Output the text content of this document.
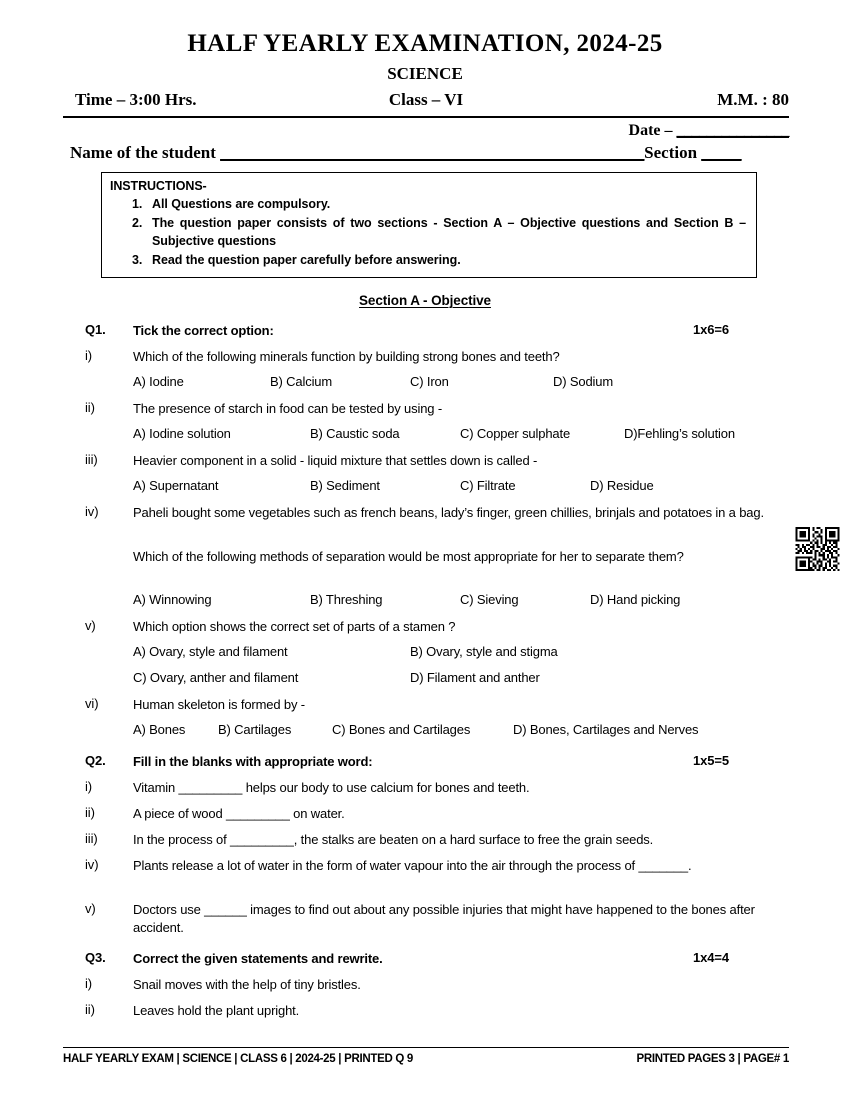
HALF YEARLY EXAMINATION, 2024-25
SCIENCE
Class – VI
Time – 3:00 Hrs.	M.M. : 80
Date – _______________
Name of the student _____________________________________________________Section _____
INSTRUCTIONS-
1. All Questions are compulsory.
2. The question paper consists of two sections - Section A – Objective questions and Section B – Subjective questions
3. Read the question paper carefully before answering.
Section A - Objective
Q1.	Tick the correct option:	1x6=6
i)	Which of the following minerals function by building strong bones and teeth?
A) Iodine	B) Calcium	C) Iron	D) Sodium
ii)	The presence of starch in food can be tested by using -
A) Iodine solution	B) Caustic soda	C) Copper sulphate	D)Fehling’s solution
iii)	Heavier component in a solid - liquid mixture that settles down is called -
A) Supernatant	B) Sediment	C) Filtrate	D) Residue
iv)	Paheli bought some vegetables such as french beans, lady’s finger, green chillies, brinjals and potatoes in a bag.
Which of the following methods of separation would be most appropriate for her to separate them?
A) Winnowing	B) Threshing	C) Sieving	D) Hand picking
v)	Which option shows the correct set of parts of a stamen ?
A) Ovary, style and filament	B) Ovary, style and stigma
C) Ovary, anther and filament	D) Filament and anther
vi)	Human skeleton is formed by -
A) Bones	B) Cartilages	C) Bones and Cartilages	D) Bones, Cartilages and Nerves
Q2.	Fill in the blanks with appropriate word:	1x5=5
i)	Vitamin _________ helps our body to use calcium for bones and teeth.
ii)	A piece of wood _________ on water.
iii)	In the process of _________, the stalks are beaten on a hard surface to free the grain seeds.
iv)	Plants release a lot of water in the form of water vapour into the air through the process of _______.
v)	Doctors use ______ images to find out about any possible injuries that might have happened to the bones after accident.
Q3.	Correct the given statements and rewrite.	1x4=4
i)	Snail moves with the help of tiny bristles.
ii)	Leaves hold the plant upright.
HALF YEARLY EXAM | SCIENCE | CLASS 6 | 2024-25 | PRINTED Q 9	PRINTED PAGES 3 | PAGE# 1
